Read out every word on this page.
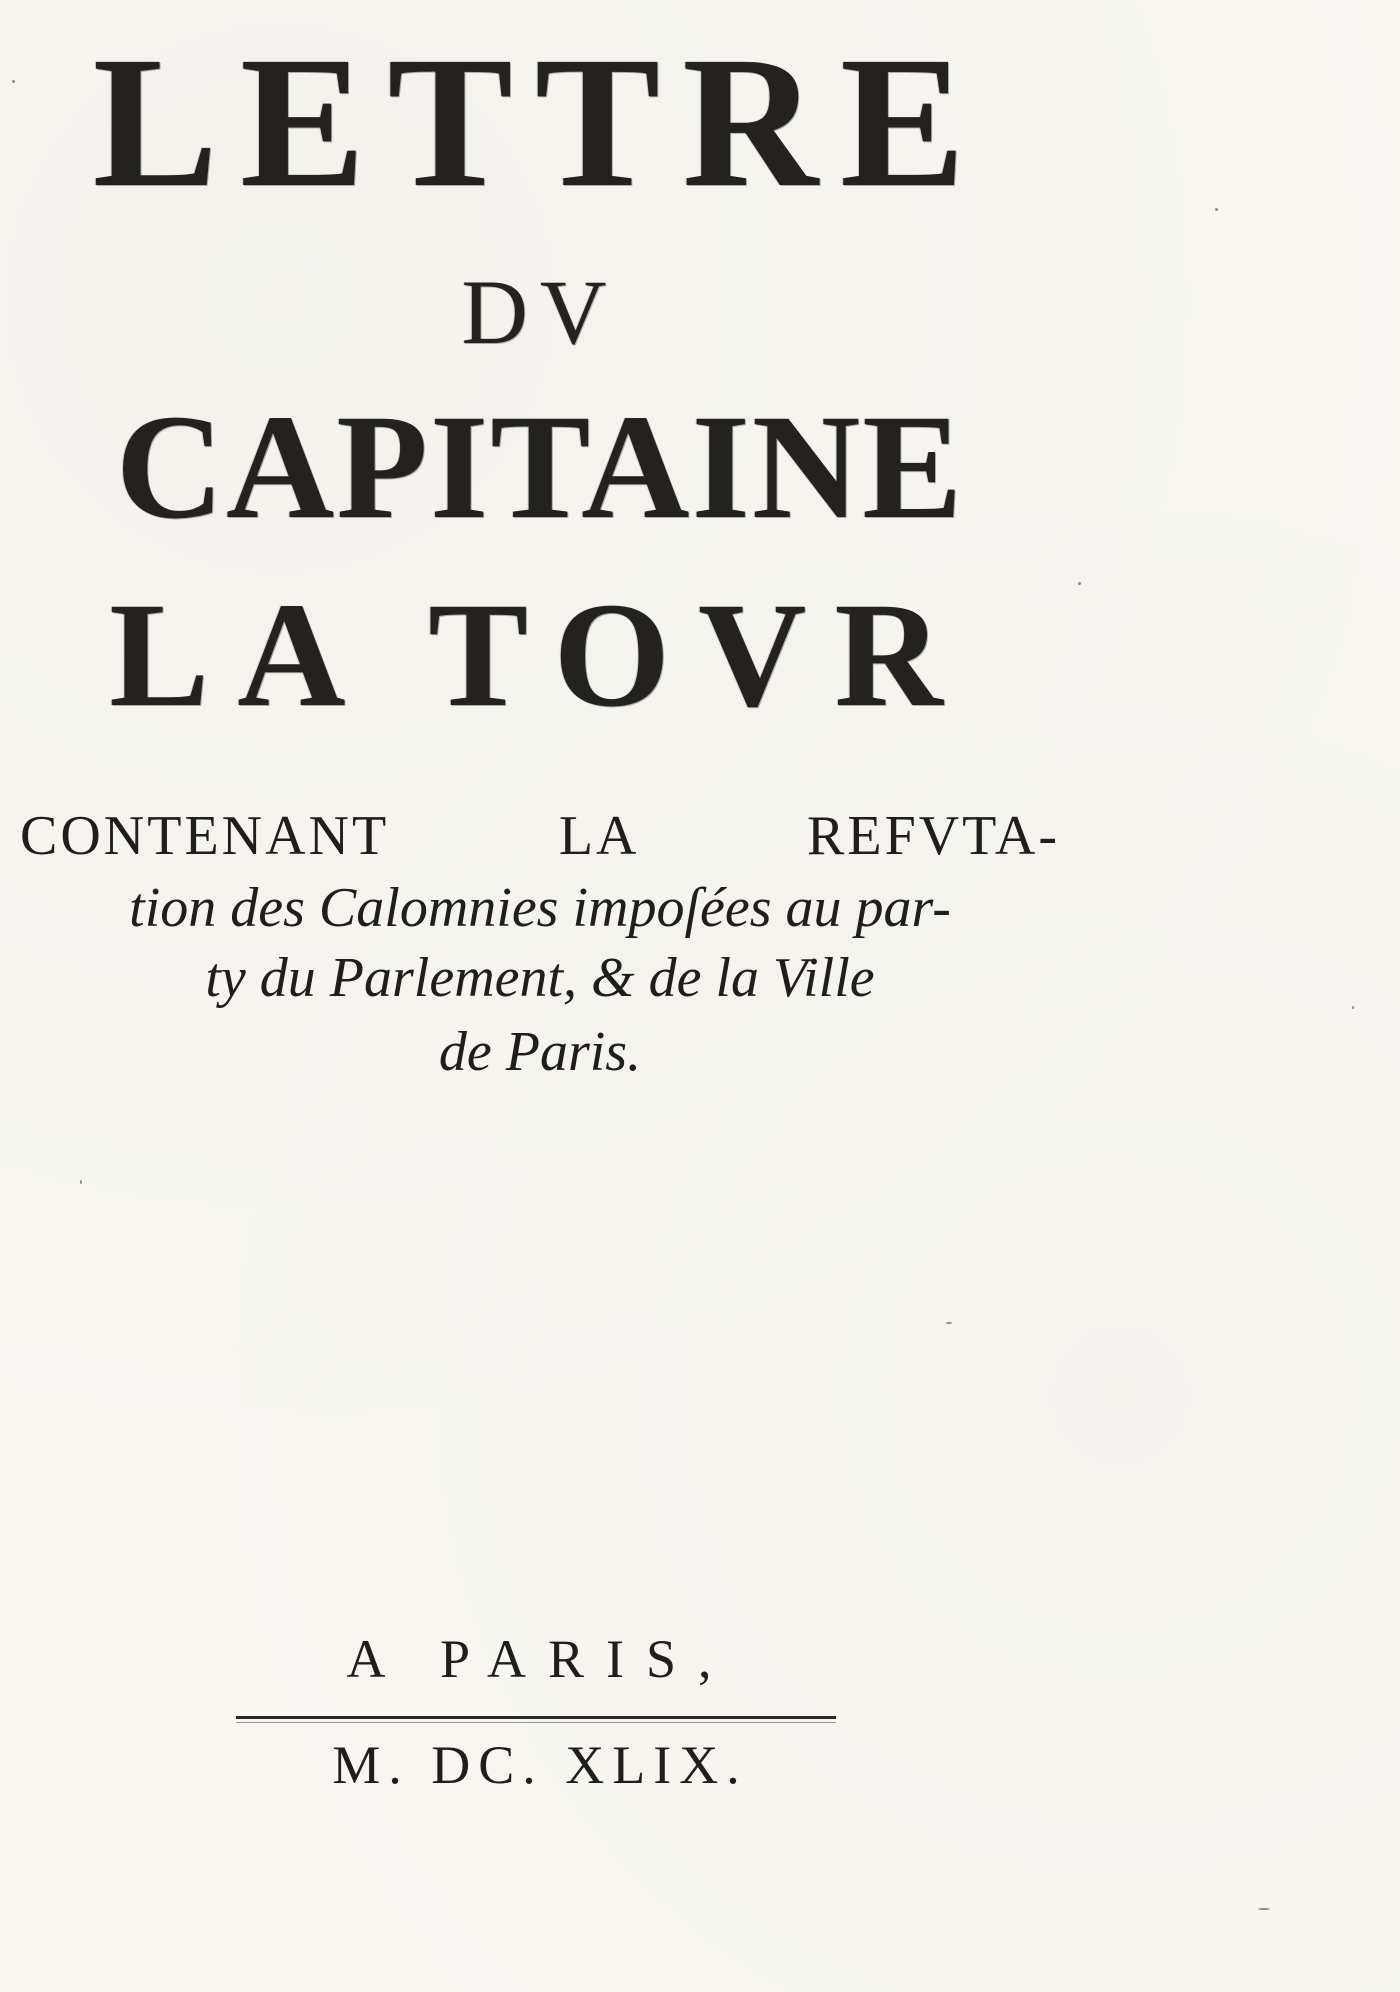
LETTRE
DV
CAPITAINE
LA TOVR
CONTENANT LA REFVTA-
tion des Calomnies impoſées au par-
ty du Parlement, & de la Ville
de Paris.
A PARIS,
M. DC. XLIX.
